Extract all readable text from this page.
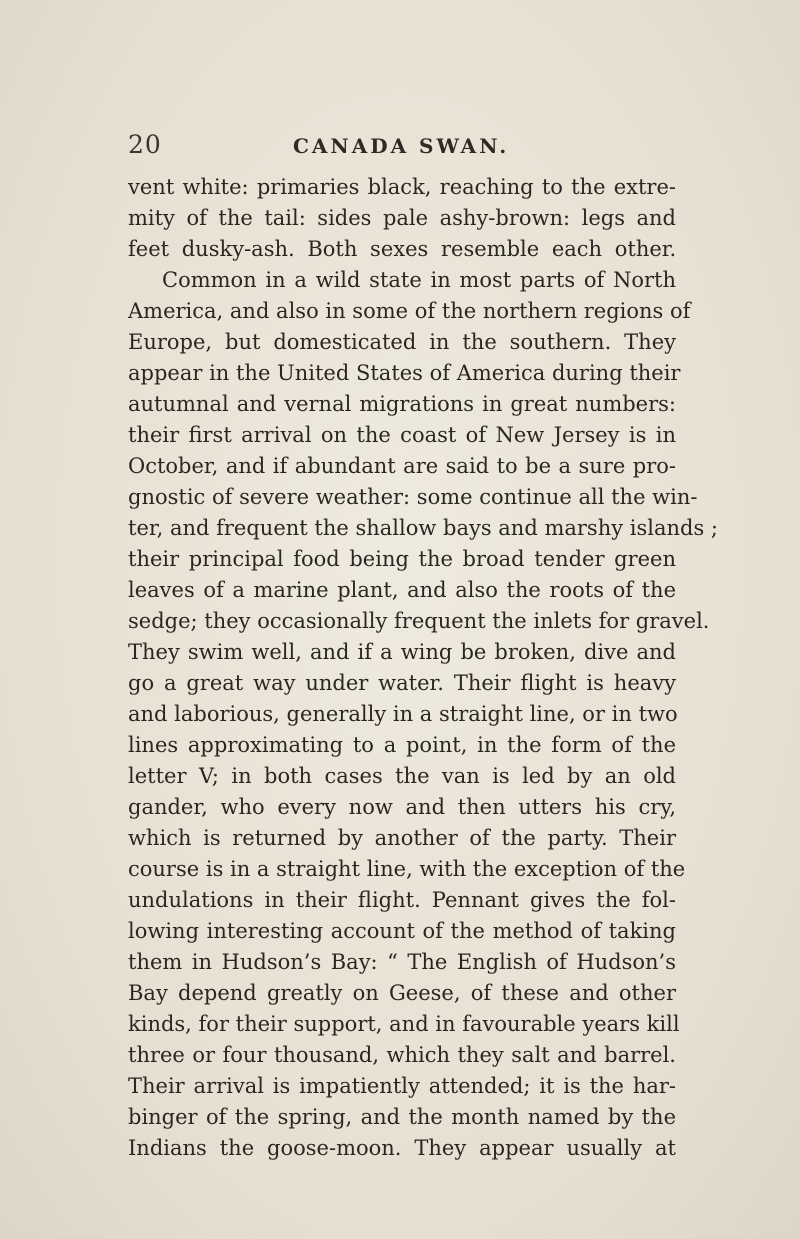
20	CANADA SWAN.
vent white: primaries black, reaching to the extre-
mity of the tail: sides pale ashy-brown: legs and
feet dusky-ash. Both sexes resemble each other.
Common in a wild state in most parts of North
America, and also in some of the northern regions of
Europe, but domesticated in the southern. They
appear in the United States of America during their
autumnal and vernal migrations in great numbers:
their first arrival on the coast of New Jersey is in
October, and if abundant are said to be a sure pro-
gnostic of severe weather: some continue all the win-
ter, and frequent the shallow bays and marshy islands ;
their principal food being the broad tender green
leaves of a marine plant, and also the roots of the
sedge; they occasionally frequent the inlets for gravel.
They swim well, and if a wing be broken, dive and
go a great way under water. Their flight is heavy
and laborious, generally in a straight line, or in two
lines approximating to a point, in the form of the
letter V; in both cases the van is led by an old
gander, who every now and then utters his cry,
which is returned by another of the party. Their
course is in a straight line, with the exception of the
undulations in their flight. Pennant gives the fol-
lowing interesting account of the method of taking
them in Hudson’s Bay: “ The English of Hudson’s
Bay depend greatly on Geese, of these and other
kinds, for their support, and in favourable years kill
three or four thousand, which they salt and barrel.
Their arrival is impatiently attended; it is the har-
binger of the spring, and the month named by the
Indians the goose-moon. They appear usually at
